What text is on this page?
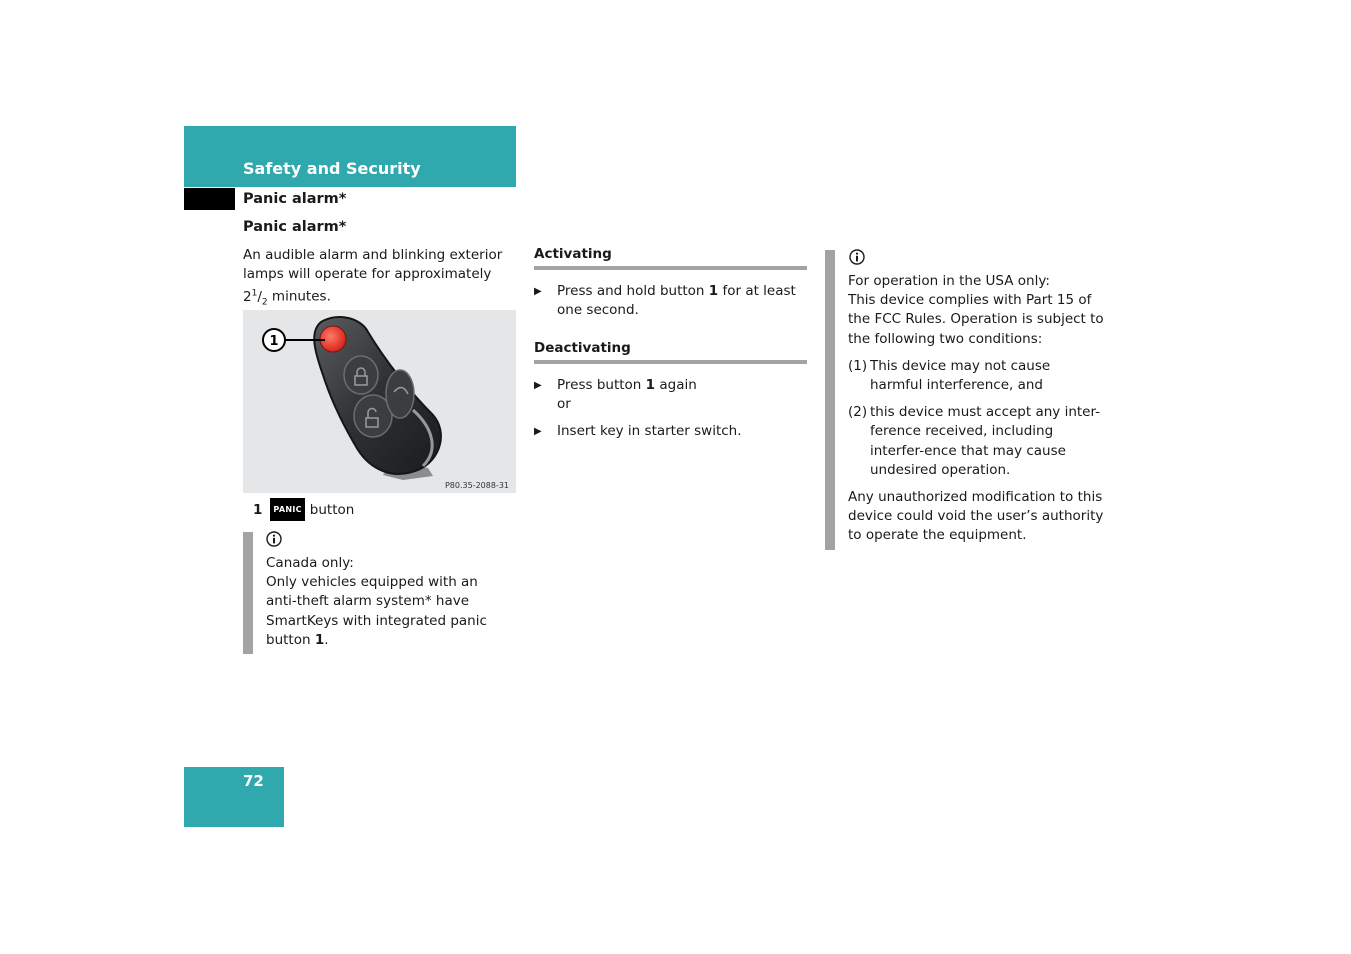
Safety and Security
Panic alarm*
Panic alarm*
An audible alarm and blinking exterior lamps will operate for approximately
$2^1/_2$ minutes.
1
P80.35-2088-31
1 PANIC button
Canada only:
Only vehicles equipped with an anti-theft alarm system* have SmartKeys with integrated panic button 1.
Activating
▶	Press and hold button 1 for at least one second.
Deactivating
▶	Press button 1 again
or
▶	Insert key in starter switch.
For operation in the USA only:
This device complies with Part 15 of the FCC Rules. Operation is subject to the following two conditions:
(1) This device may not cause harmful interference, and
(2) this device must accept any inter-ference received, including interfer-ence that may cause undesired operation.
Any unauthorized modification to this device could void the user’s authority to operate the equipment.
72
